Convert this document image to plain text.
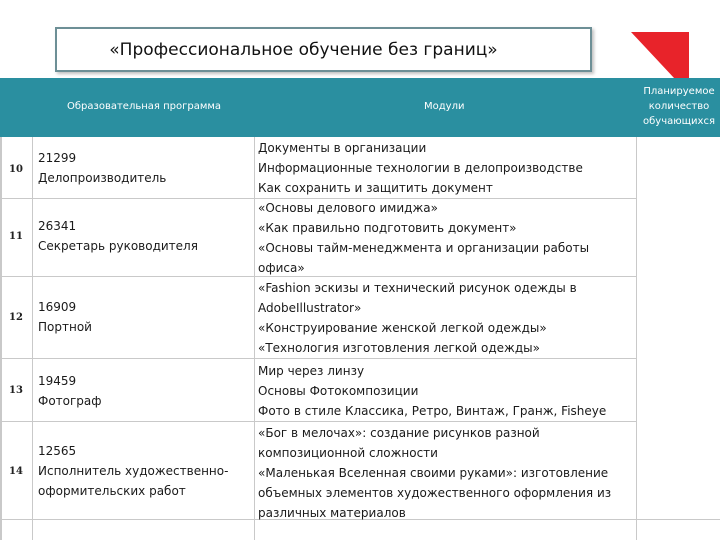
«Профессиональное обучение без границ»
Образовательная программа	Модули
Планируемое
количество
обучающихся
10
21299
Делопроизводитель
Документы в организации
Информационные технологии в делопроизводстве
Как сохранить и защитить документ
11
26341
Секретарь руководителя
«Основы делового имиджа»
«Как правильно подготовить документ»
«Основы тайм-менеджмента и организации работы
офиса»
12
16909
Портной
«Fashion эскизы и технический рисунок одежды в
AdobeIllustrator»
«Конструирование женской легкой одежды»
«Технология изготовления легкой одежды»
13
19459
Фотограф
Мир через линзу
Основы Фотокомпозиции
Фото в стиле Классика, Ретро, Винтаж, Гранж, Fisheye
14
12565
Исполнитель художественно-
оформительских работ
«Бог в мелочах»: создание рисунков разной
композиционной сложности
«Маленькая Вселенная своими руками»: изготовление
объемных элементов художественного оформления из
различных материалов
